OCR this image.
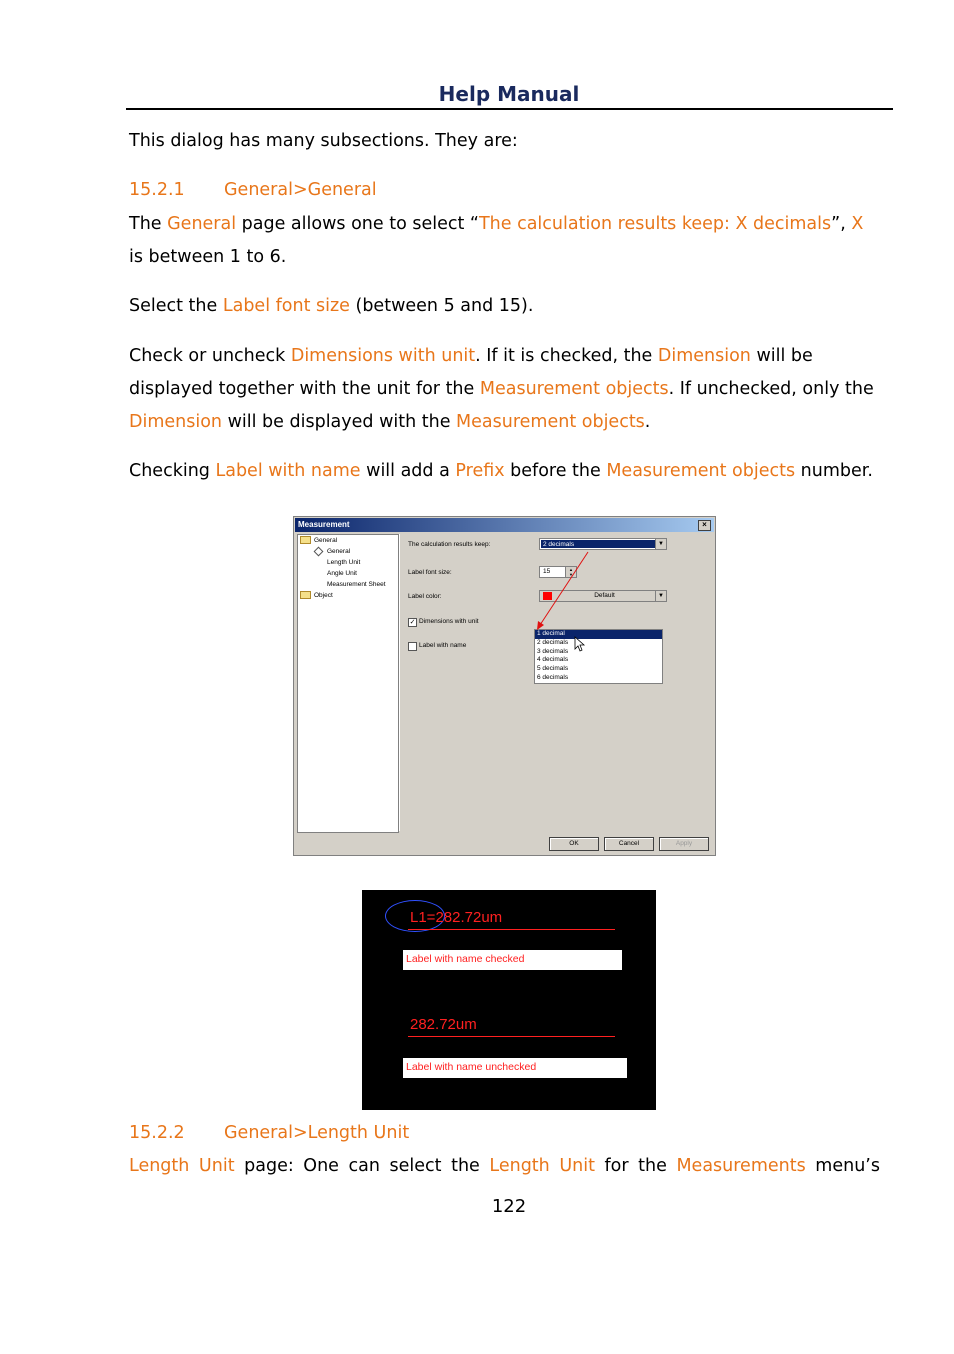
Help Manual

This dialog has many subsections. They are:

15.2.1 General>General

The General page allows one to select “The calculation results keep: X decimals”, X is between 1 to 6.

Select the Label font size (between 5 and 15).

Check or uncheck Dimensions with unit. If it is checked, the Dimension will be displayed together with the unit for the Measurement objects. If unchecked, only the Dimension will be displayed with the Measurement objects.

Checking Label with name will add a Prefix before the Measurement objects number.

Measurement	×
General
General
Length Unit
Angle Unit
Measurement Sheet
Object
The calculation results keep:	2 decimals	▼
Label font size:	15	▲
▼
Label color:	Default	▼
✓ Dimensions with unit
Label with name
OK	Cancel	Apply
1 decimal
2 decimals
3 decimals
4 decimals
5 decimals
6 decimals
L1=282.72um
Label with name checked
282.72um
Label with name unchecked
15.2.2 General>Length Unit

Length Unit page: One can select the Length Unit for the Measurements menu’s

122
